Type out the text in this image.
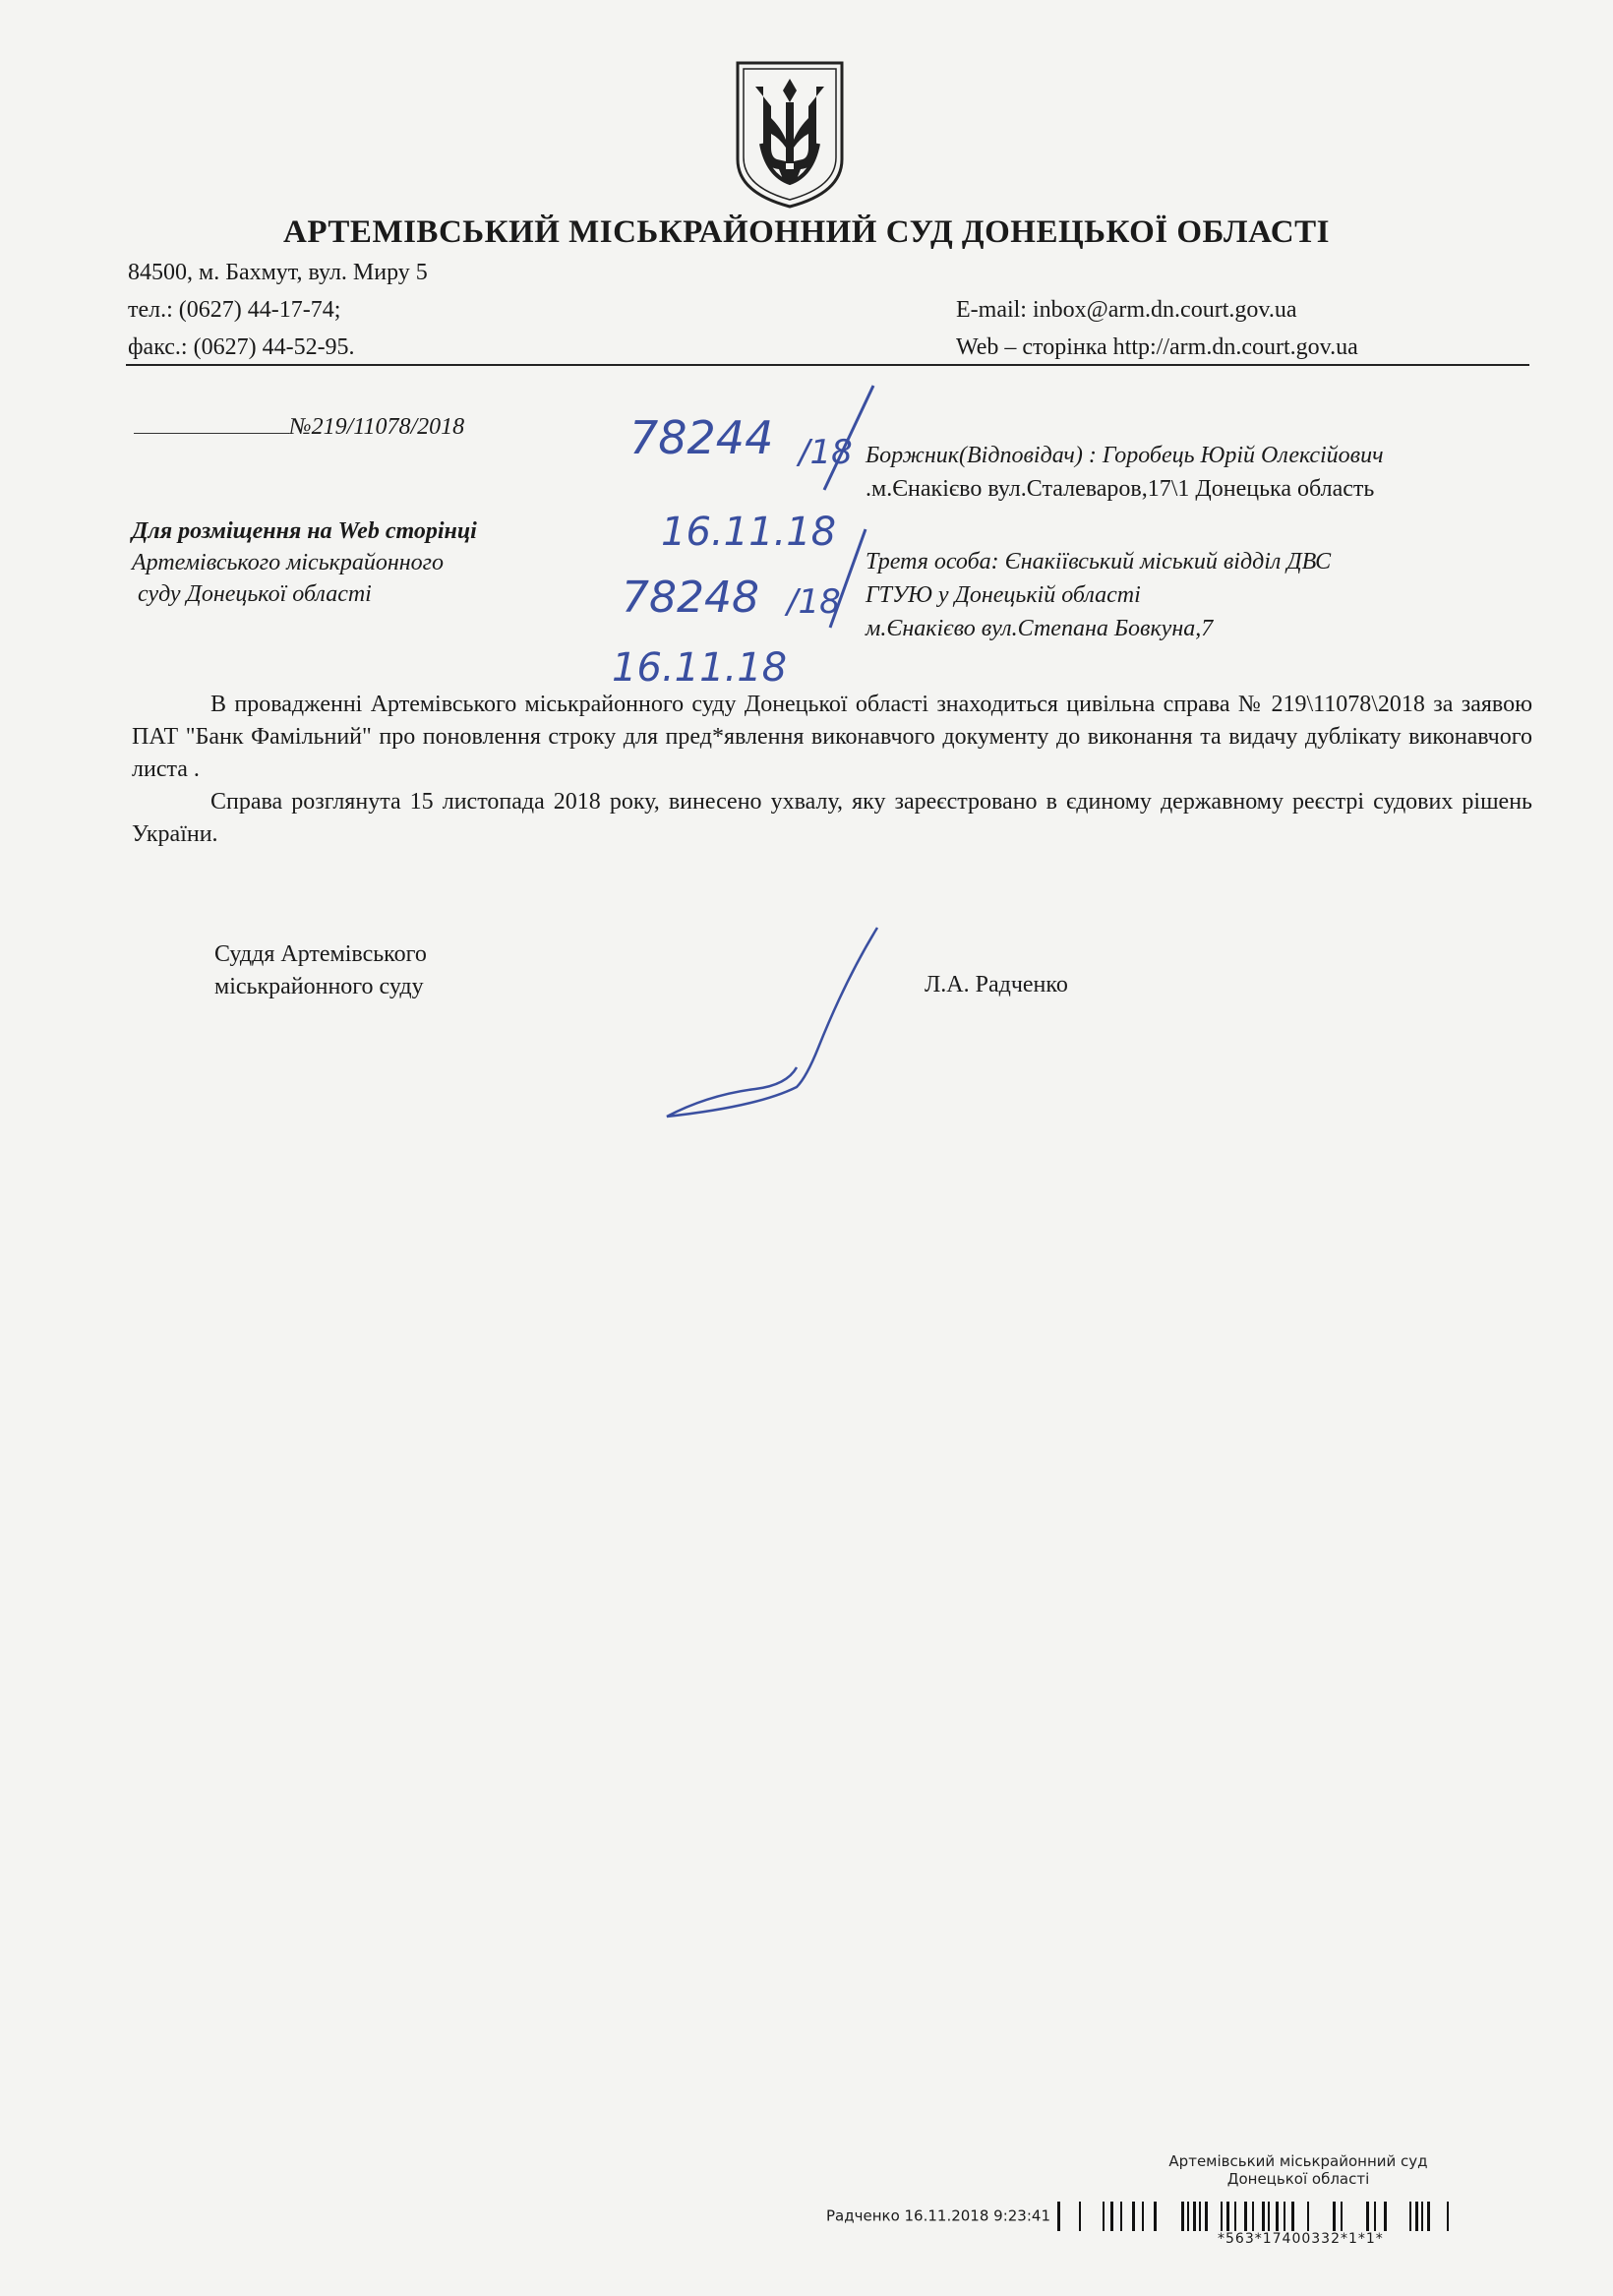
АРТЕМІВСЬКИЙ МІСЬКРАЙОННИЙ СУД ДОНЕЦЬКОЇ ОБЛАСТІ
84500, м. Бахмут, вул. Миру 5
тел.: (0627) 44-17-74;
факс.: (0627) 44-52-95.
E-mail: inbox@arm.dn.court.gov.ua
Web – сторінка http://arm.dn.court.gov.ua
№219/11078/2018
Для розміщення на Web сторінці
Артемівського міськрайонного
суду Донецької області
78244 /18
16.11.18
78248 /18
16.11.18
Боржник(Відповідач) : Горобець Юрій Олексійович
.м.Єнакієво вул.Сталеваров,17\1 Донецька область
Третя особа: Єнакіївський міський відділ ДВС
ГТУЮ у Донецькій області
м.Єнакієво вул.Степана Бовкуна,7

В провадженні Артемівського міськрайонного суду Донецької області знаходиться цивільна справа № 219\11078\2018 за заявою ПАТ "Банк Фамільний" про поновлення строку для пред*явлення виконавчого документу до виконання та видачу дублікату виконавчого листа .

Справа розглянута 15 листопада 2018 року, винесено ухвалу, яку зареєстровано в єдиному державному реєстрі судових рішень України.

Суддя Артемівського
міськрайонного суду	Л.А. Радченко
Артемівський міськрайонний суд
Донецької області
Радченко 16.11.2018 9:23:41
*563*17400332*1*1*
